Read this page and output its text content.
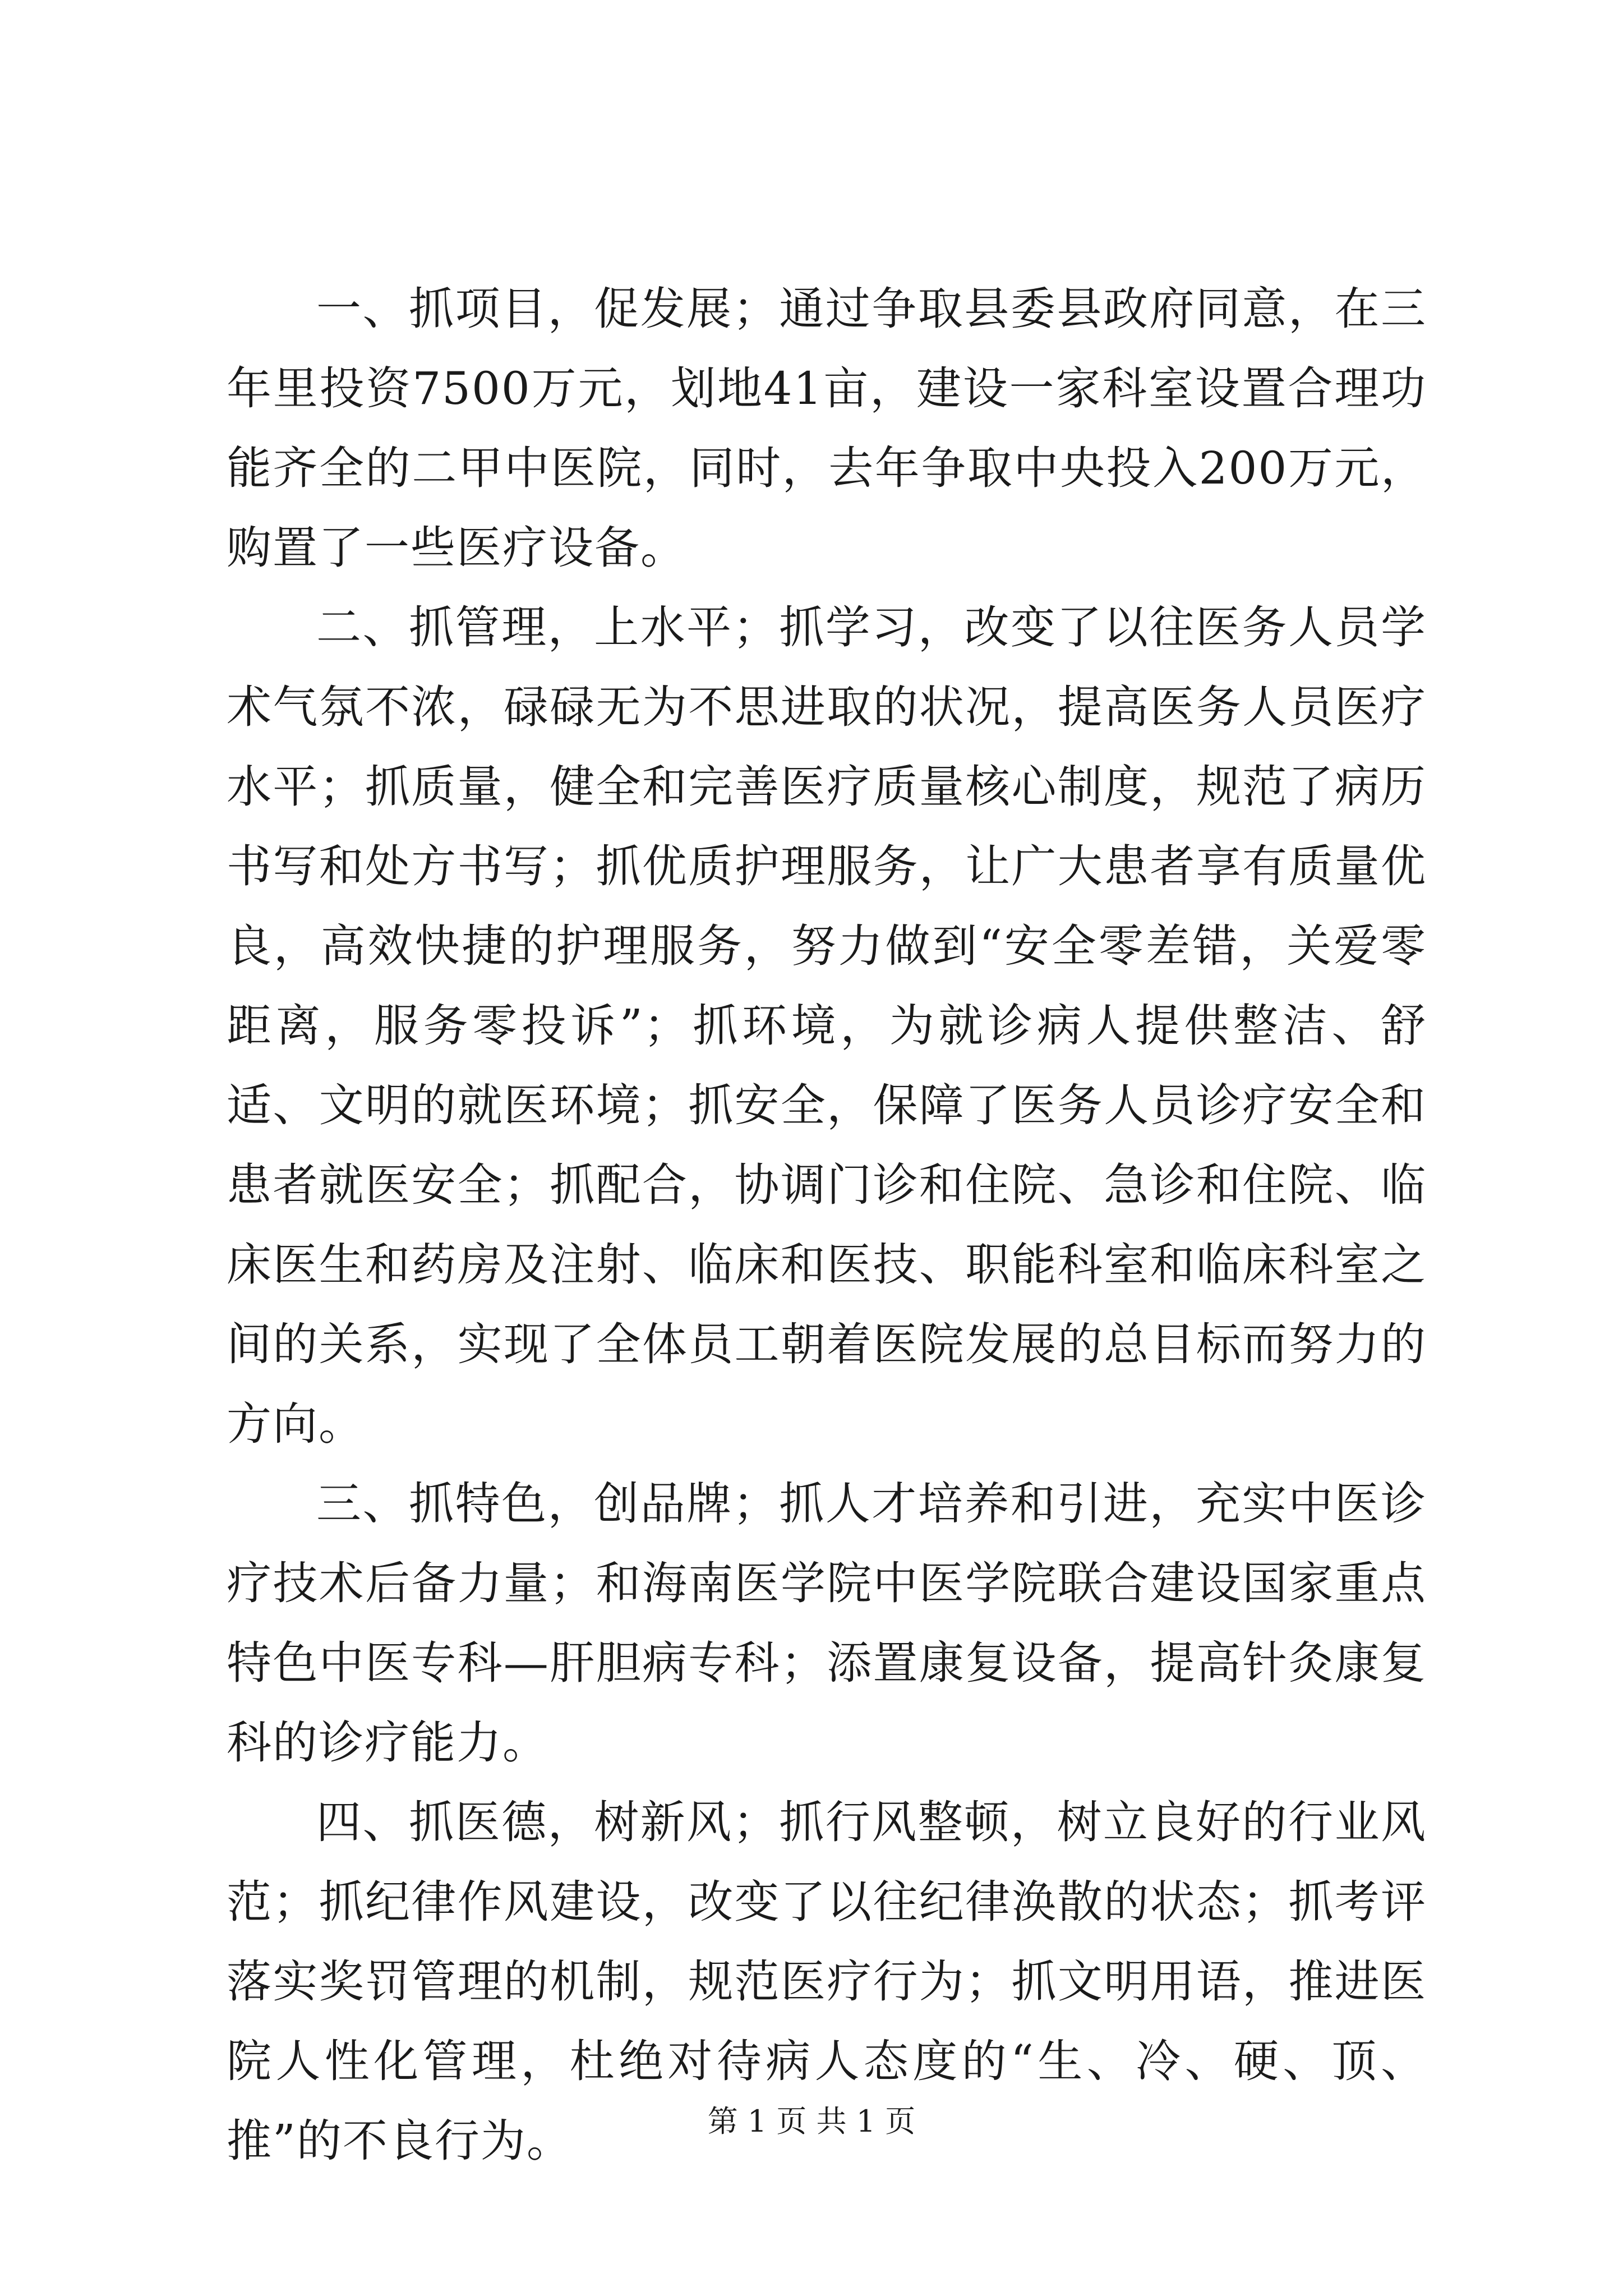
一、抓项目，促发展；通过争取县委县政府同意，在三年里投资7500万元，划地41亩，建设一家科室设置合理功能齐全的二甲中医院，同时，去年争取中央投入200万元，购置了一些医疗设备。

二、抓管理，上水平；抓学习，改变了以往医务人员学术气氛不浓，碌碌无为不思进取的状况，提高医务人员医疗水平；抓质量，健全和完善医疗质量核心制度，规范了病历书写和处方书写；抓优质护理服务，让广大患者享有质量优良，高效快捷的护理服务，努力做到“安全零差错，关爱零距离，服务零投诉”；抓环境，为就诊病人提供整洁、舒适、文明的就医环境；抓安全，保障了医务人员诊疗安全和患者就医安全；抓配合，协调门诊和住院、急诊和住院、临床医生和药房及注射、临床和医技、职能科室和临床科室之间的关系，实现了全体员工朝着医院发展的总目标而努力的方向。

三、抓特色，创品牌；抓人才培养和引进，充实中医诊疗技术后备力量；和海南医学院中医学院联合建设国家重点特色中医专科—肝胆病专科；添置康复设备，提高针灸康复科的诊疗能力。

四、抓医德，树新风；抓行风整顿，树立良好的行业风范；抓纪律作风建设，改变了以往纪律涣散的状态；抓考评落实奖罚管理的机制，规范医疗行为；抓文明用语，推进医院人性化管理，杜绝对待病人态度的“生、冷、硬、顶、推”的不良行为。	第 1 页 共 1 页
